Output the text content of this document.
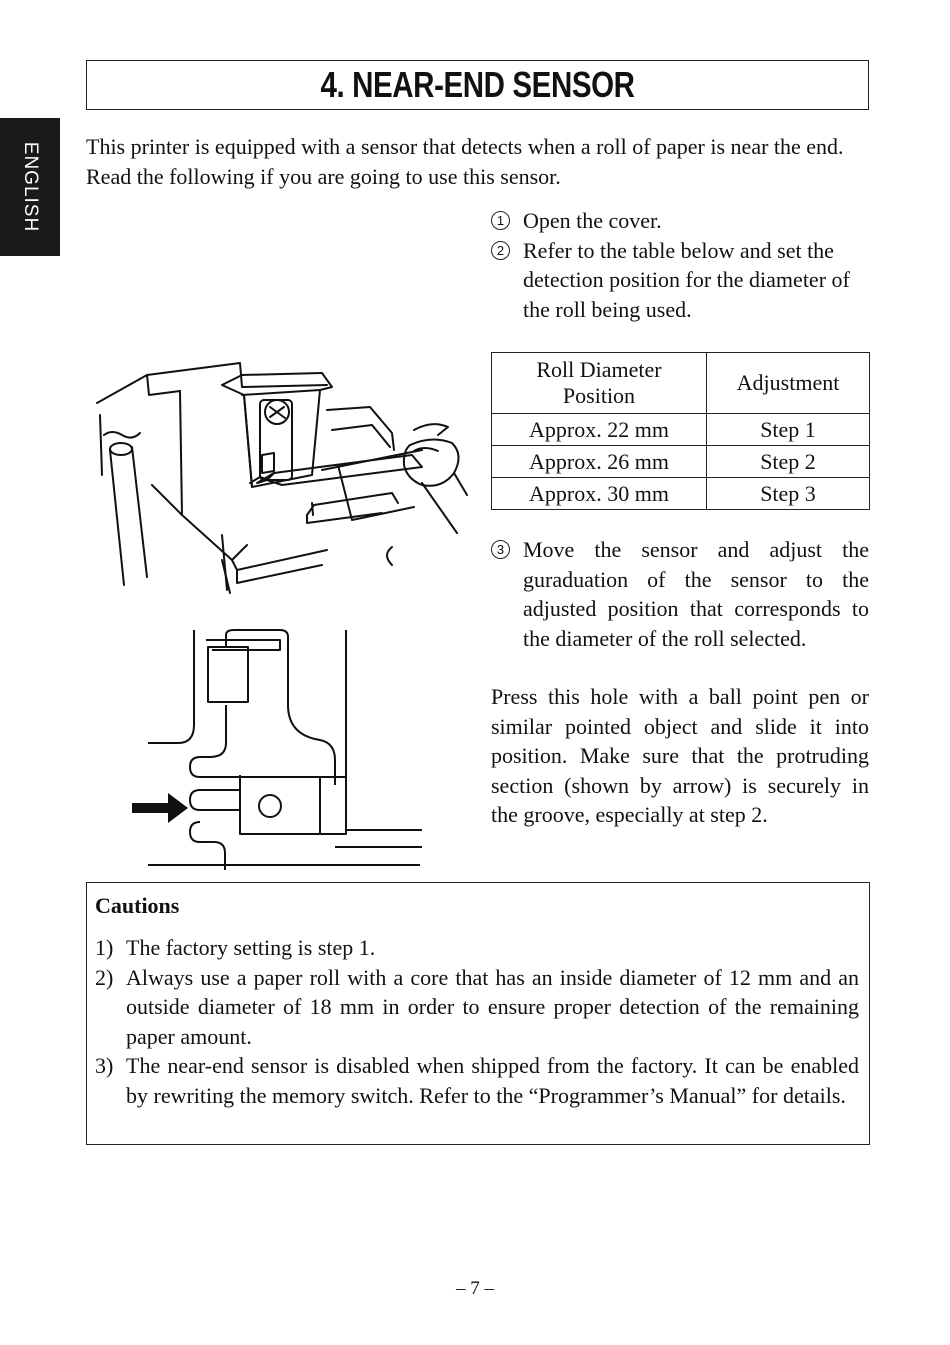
ENGLISH
4. NEAR-END SENSOR

This printer is equipped with a sensor that detects when a roll of paper is near the end. Read the following if you are going to use this sensor.

1 Open the cover.
2 Refer to the table below and set the detection position for the diameter of the roll being used.
Roll Diameter Position	Adjustment
Approx. 22 mm	Step 1
Approx. 26 mm	Step 2
Approx. 30 mm	Step 3
3 Move the sensor and adjust the guraduation of the sensor to the adjusted position that corresponds to the diameter of the roll selected.

Press this hole with a ball point pen or similar pointed object and slide it into position. Make sure that the protruding section (shown by arrow) is securely in the groove, especially at step 2.

Cautions
1) The factory setting is step 1.
2) Always use a paper roll with a core that has an inside diameter of 12 mm and an outside diameter of 18 mm in order to ensure proper detection of the remaining paper amount.
3) The near-end sensor is disabled when shipped from the factory. It can be enabled by rewriting the memory switch. Refer to the “Programmer’s Manual” for details.
– 7 –
